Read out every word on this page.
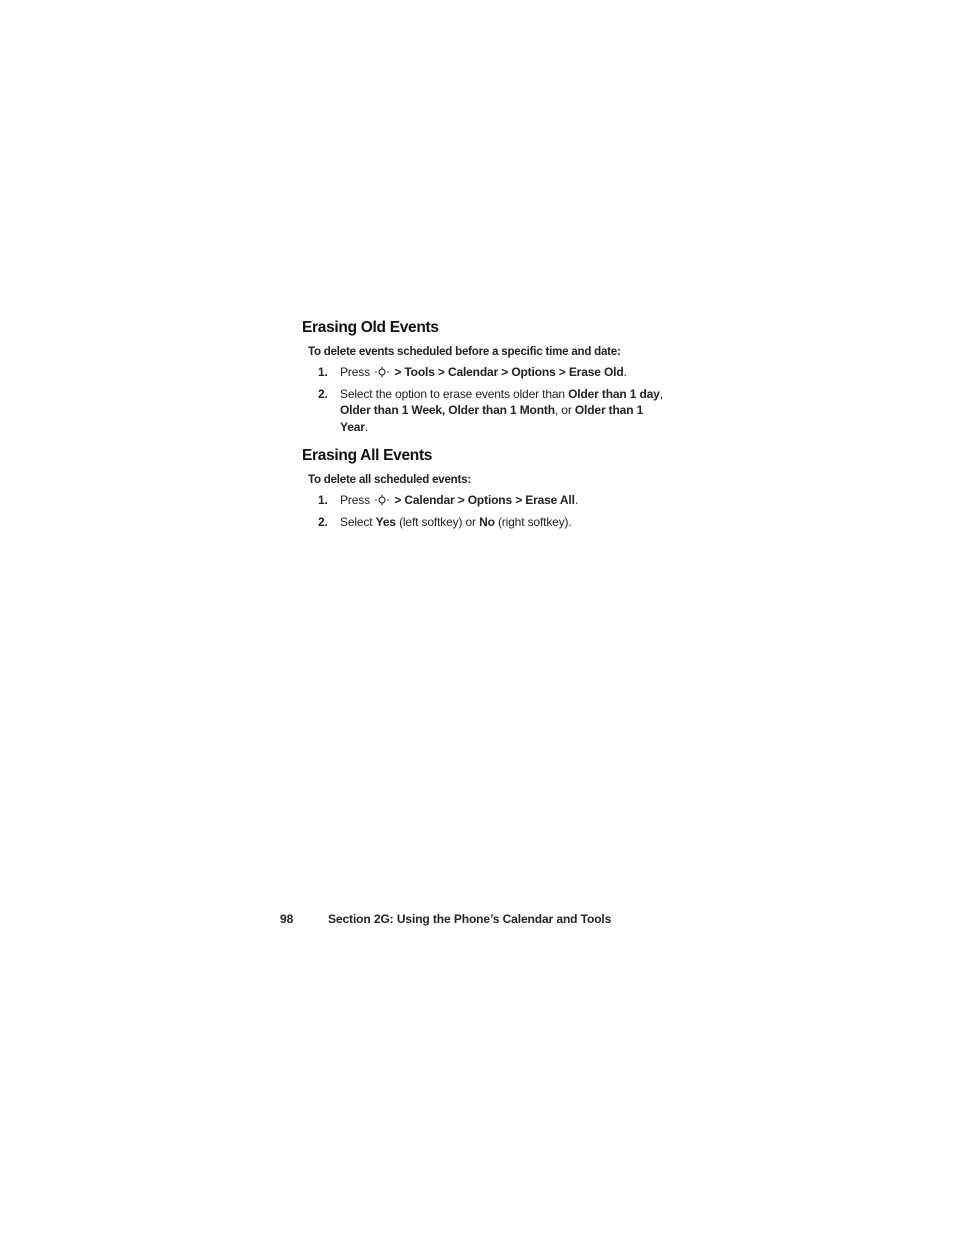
Erasing Old Events

To delete events scheduled before a specific time and date:

1. Press > Tools > Calendar > Options > Erase Old.
2. Select the option to erase events older than Older than 1 day, Older than 1 Week, Older than 1 Month, or Older than 1 Year.
Erasing All Events

To delete all scheduled events:

1. Press > Calendar > Options > Erase All.
2. Select Yes (left softkey) or No (right softkey).
98	Section 2G: Using the Phone’s Calendar and Tools
